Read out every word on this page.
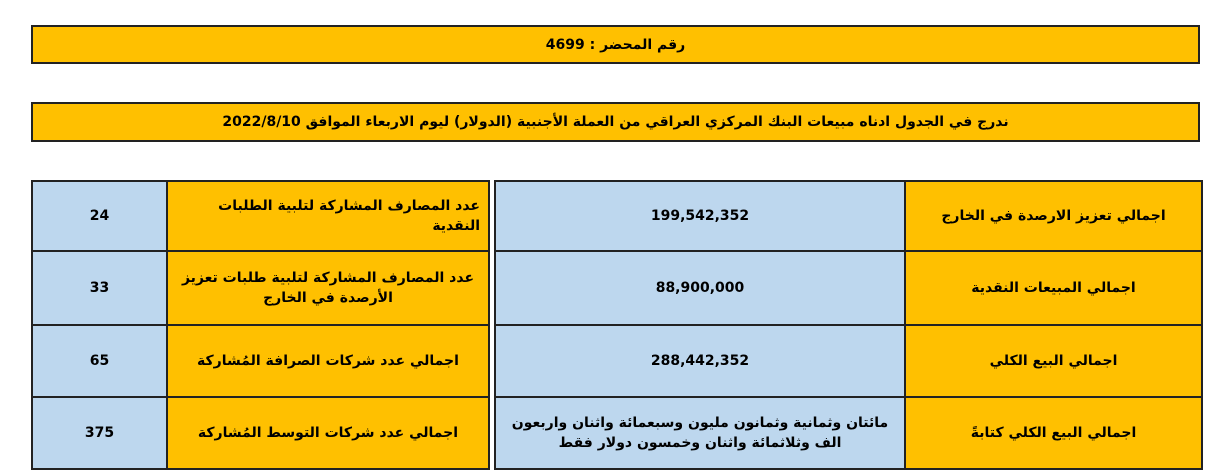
رقم المحضر : 4699
ندرج في الجدول ادناه مبيعات البنك المركزي العراقي من العملة الأجنبية (الدولار) ليوم الاربعاء الموافق 2022/8/10
اجمالي تعزيز الارصدة في الخارج	199,542,352
اجمالي المبيعات النقدية	88,900,000
اجمالي البيع الكلي	288,442,352
اجمالي البيع الكلي كتابةً	مائتان وثمانية وثمانون مليون وسبعمائة واثنان واربعون الف وثلاثمائة واثنان وخمسون دولار فقط
عدد المصارف المشاركة لتلبية الطلبات النقدية	24
عدد المصارف المشاركة لتلبية طلبات تعزيز الأرصدة في الخارج	33
اجمالي عدد شركات الصرافة المُشاركة	65
اجمالي عدد شركات التوسط المُشاركة	375
